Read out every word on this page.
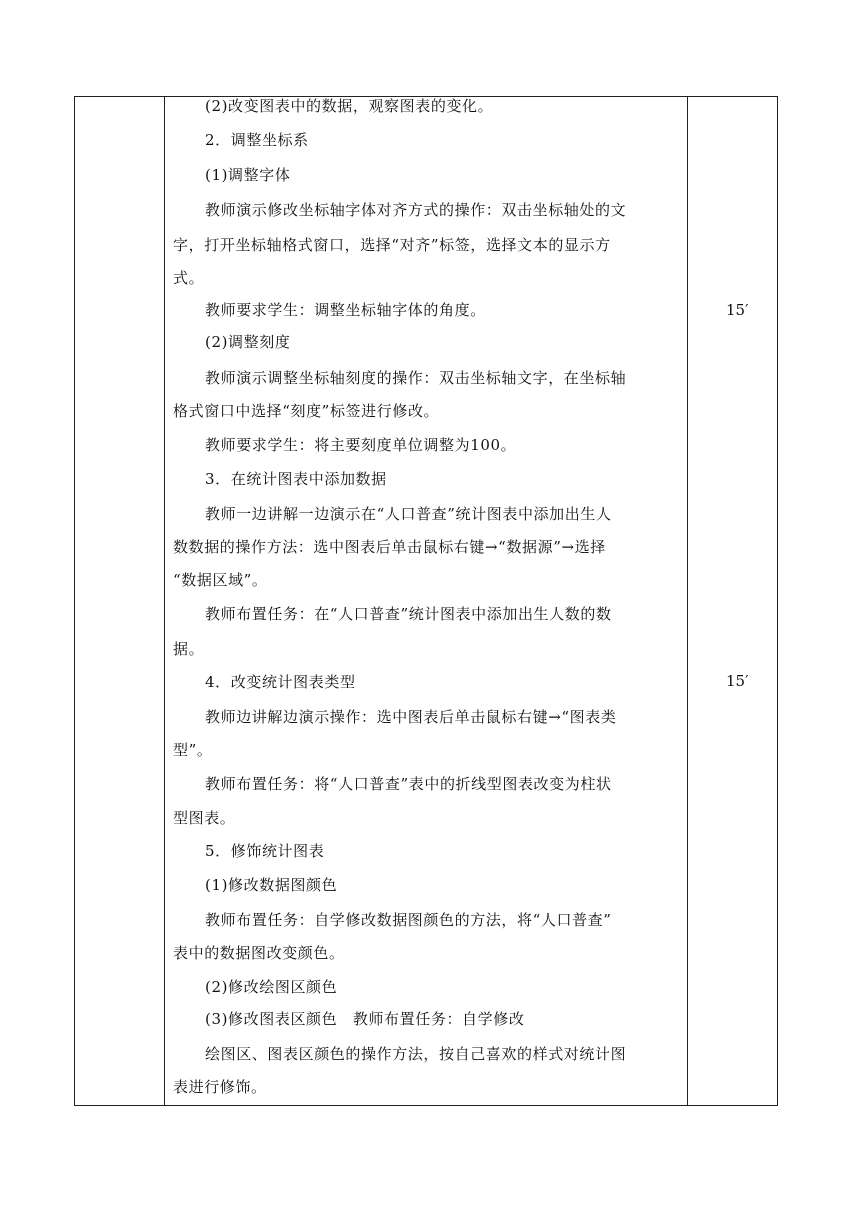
(2)改变图表中的数据，观察图表的变化。
2．调整坐标系
(1)调整字体
教师演示修改坐标轴字体对齐方式的操作：双击坐标轴处的文
字，打开坐标轴格式窗口，选择“对齐”标签，选择文本的显示方
式。
教师要求学生：调整坐标轴字体的角度。
(2)调整刻度
教师演示调整坐标轴刻度的操作：双击坐标轴文字，在坐标轴
格式窗口中选择“刻度”标签进行修改。
教师要求学生：将主要刻度单位调整为100。
3．在统计图表中添加数据
教师一边讲解一边演示在“人口普查”统计图表中添加出生人
数数据的操作方法：选中图表后单击鼠标右键→“数据源”→选择
“数据区域”。
教师布置任务：在“人口普查”统计图表中添加出生人数的数
据。
4．改变统计图表类型
教师边讲解边演示操作：选中图表后单击鼠标右键→“图表类
型”。
教师布置任务：将“人口普查”表中的折线型图表改变为柱状
型图表。
5．修饰统计图表
(1)修改数据图颜色
教师布置任务：自学修改数据图颜色的方法，将“人口普查”
表中的数据图改变颜色。
(2)修改绘图区颜色
(3)修改图表区颜色　教师布置任务：自学修改
绘图区、图表区颜色的操作方法，按自己喜欢的样式对统计图
表进行修饰。
15′
15′
